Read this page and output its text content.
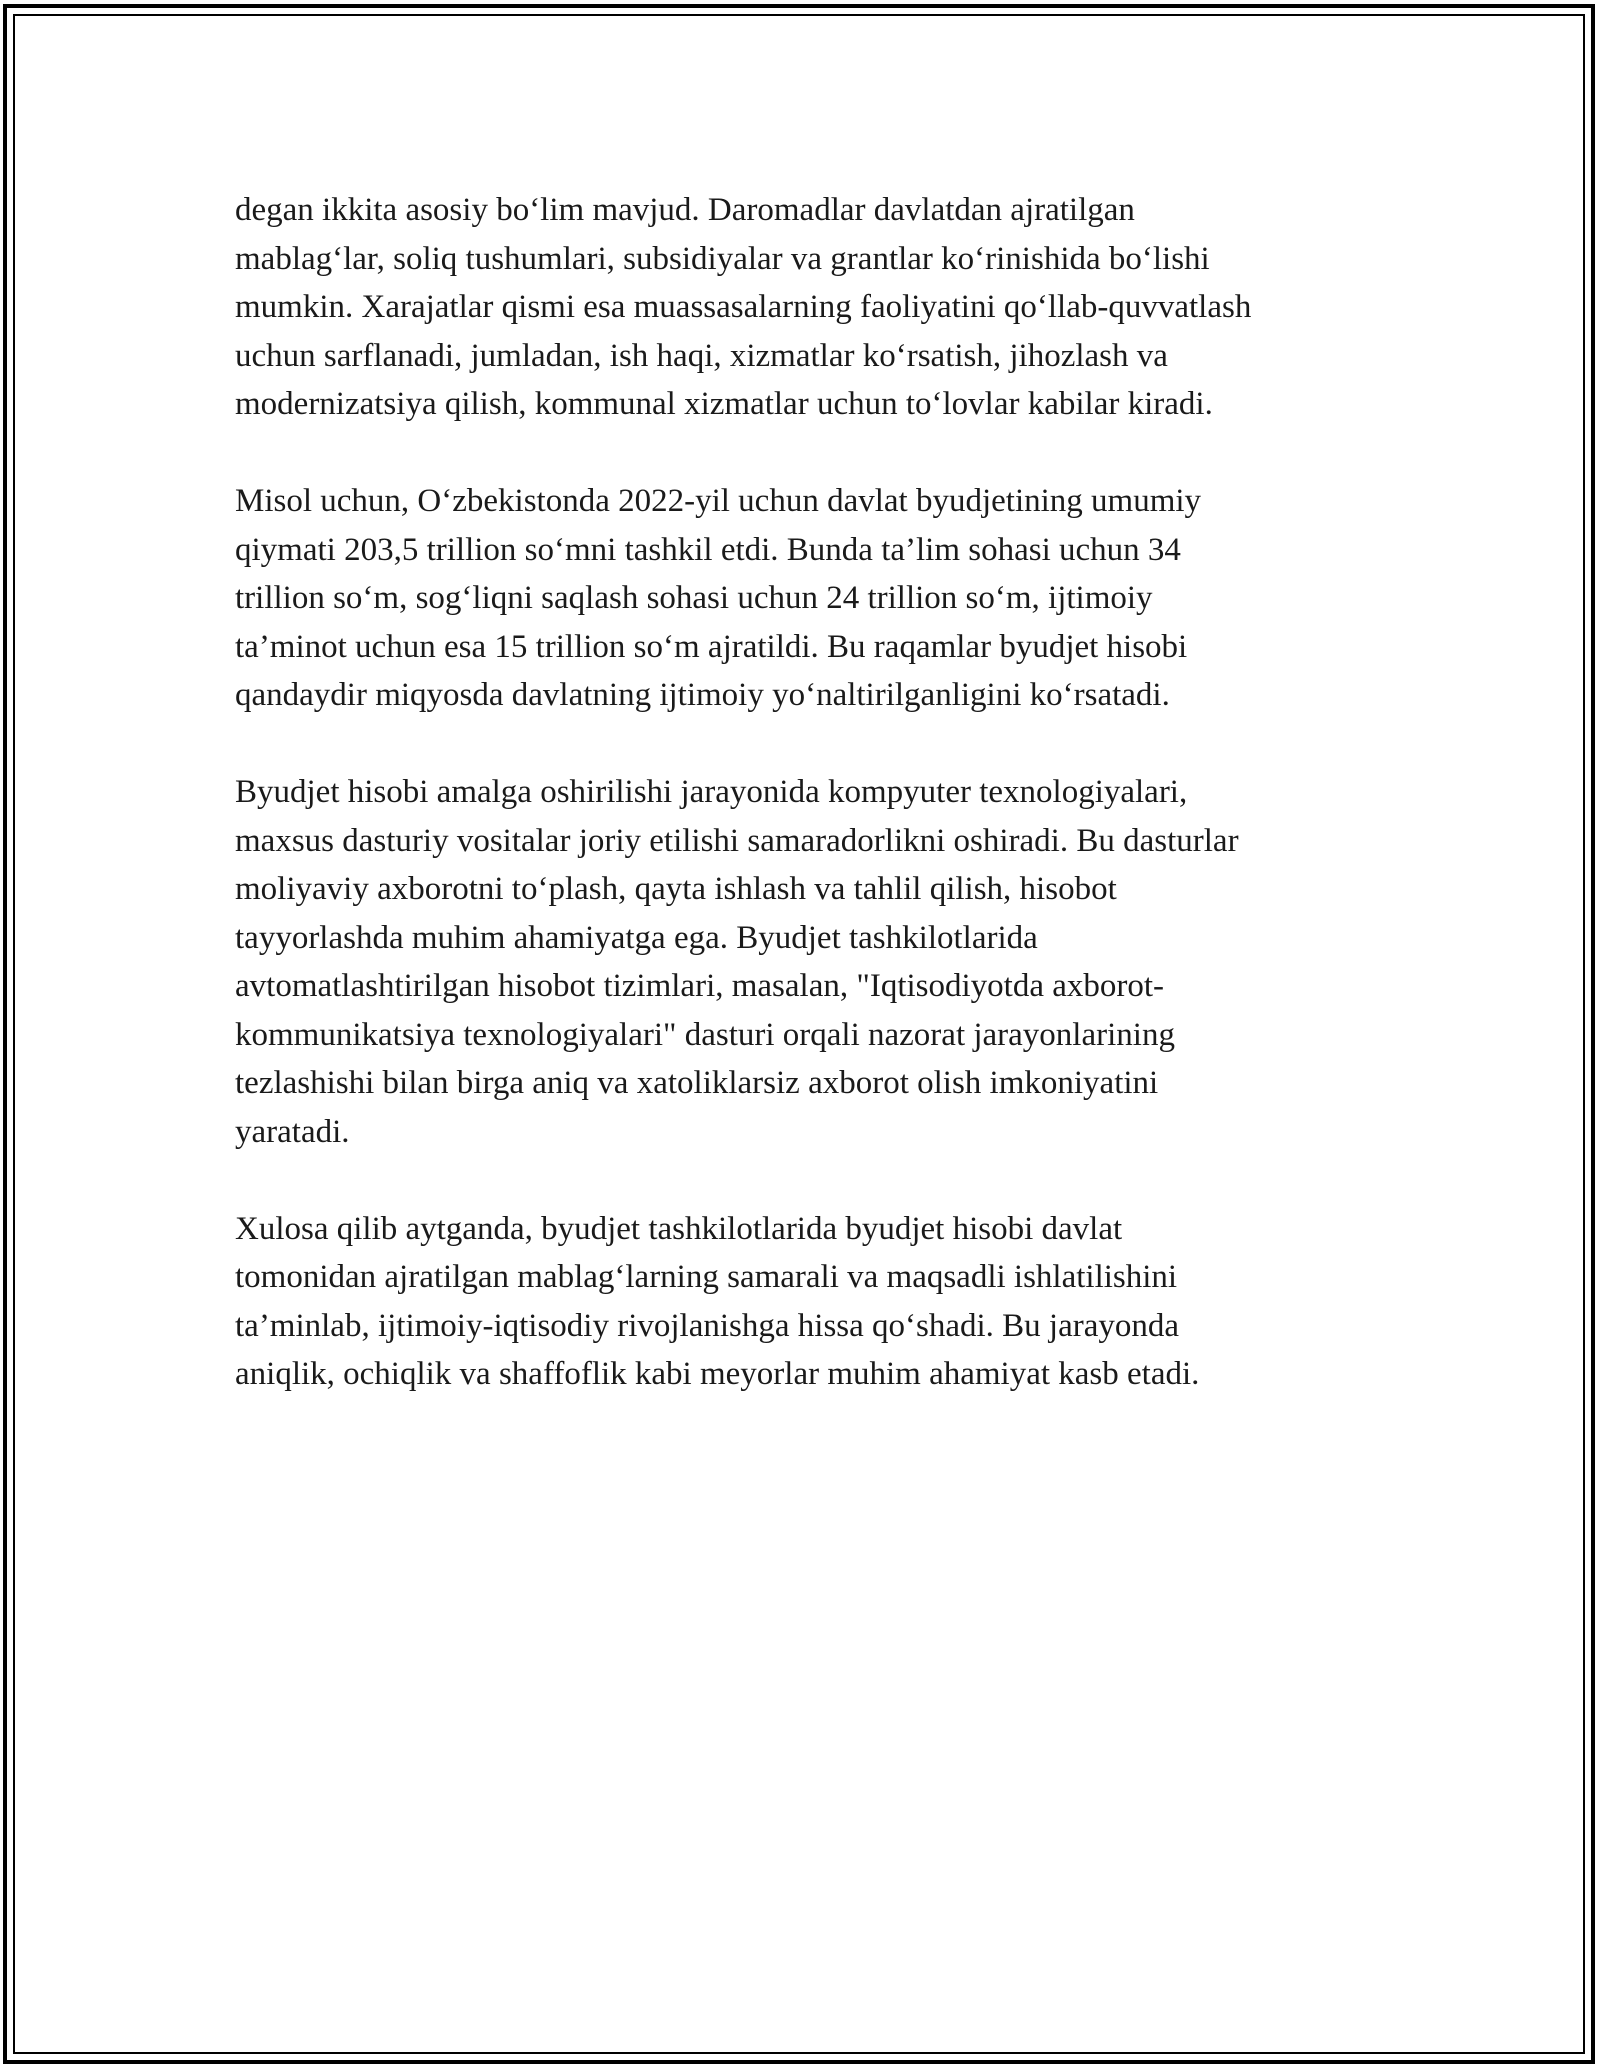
degan ikkita asosiy bo‘lim mavjud. Daromadlar davlatdan ajratilgan
mablag‘lar, soliq tushumlari, subsidiyalar va grantlar ko‘rinishida bo‘lishi
mumkin. Xarajatlar qismi esa muassasalarning faoliyatini qo‘llab-quvvatlash
uchun sarflanadi, jumladan, ish haqi, xizmatlar ko‘rsatish, jihozlash va
modernizatsiya qilish, kommunal xizmatlar uchun to‘lovlar kabilar kiradi.

Misol uchun, O‘zbekistonda 2022-yil uchun davlat byudjetining umumiy
qiymati 203,5 trillion so‘mni tashkil etdi. Bunda ta’lim sohasi uchun 34
trillion so‘m, sog‘liqni saqlash sohasi uchun 24 trillion so‘m, ijtimoiy
ta’minot uchun esa 15 trillion so‘m ajratildi. Bu raqamlar byudjet hisobi
qandaydir miqyosda davlatning ijtimoiy yo‘naltirilganligini ko‘rsatadi.

Byudjet hisobi amalga oshirilishi jarayonida kompyuter texnologiyalari,
maxsus dasturiy vositalar joriy etilishi samaradorlikni oshiradi. Bu dasturlar
moliyaviy axborotni to‘plash, qayta ishlash va tahlil qilish, hisobot
tayyorlashda muhim ahamiyatga ega. Byudjet tashkilotlarida
avtomatlashtirilgan hisobot tizimlari, masalan, "Iqtisodiyotda axborot-
kommunikatsiya texnologiyalari" dasturi orqali nazorat jarayonlarining
tezlashishi bilan birga aniq va xatoliklarsiz axborot olish imkoniyatini
yaratadi.

Xulosa qilib aytganda, byudjet tashkilotlarida byudjet hisobi davlat
tomonidan ajratilgan mablag‘larning samarali va maqsadli ishlatilishini
ta’minlab, ijtimoiy-iqtisodiy rivojlanishga hissa qo‘shadi. Bu jarayonda
aniqlik, ochiqlik va shaffoflik kabi meyorlar muhim ahamiyat kasb etadi.
